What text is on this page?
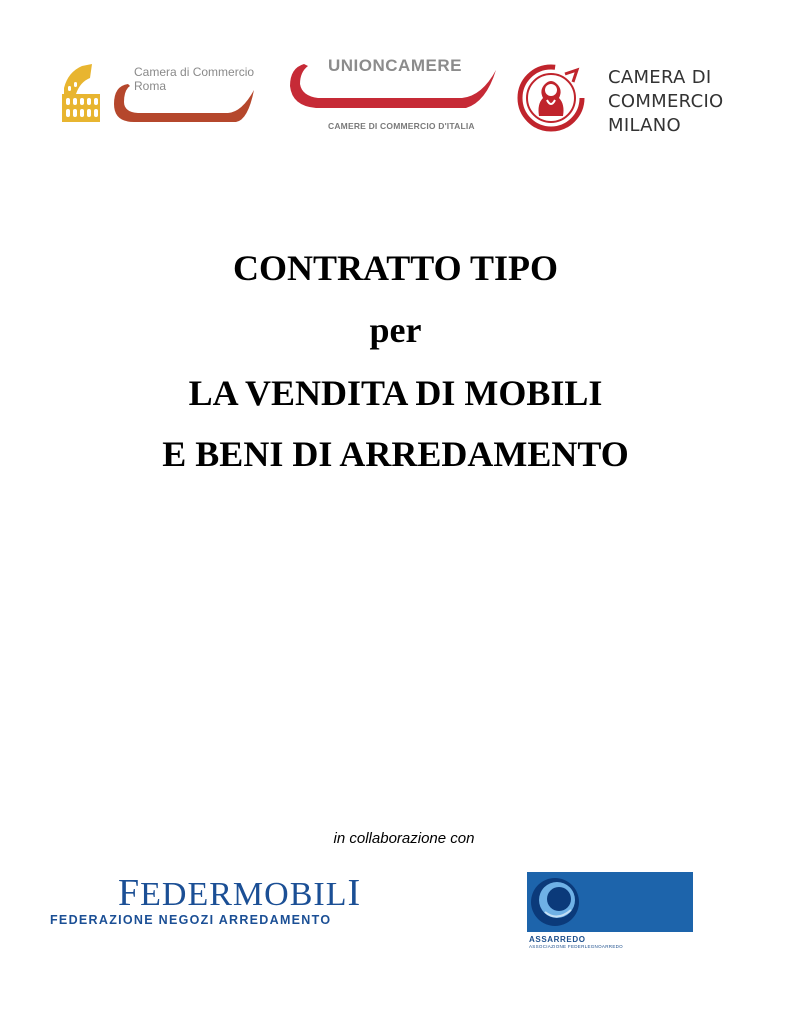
Camera di Commercio
Roma
UNIONCAMERE
CAMERE DI COMMERCIO D'ITALIA
CAMERA DI
COMMERCIO
MILANO
CONTRATTO TIPO
per
LA VENDITA DI MOBILI
E BENI DI ARREDAMENTO
in collaborazione con
FEDERMOBILI
FEDERAZIONE NEGOZI ARREDAMENTO
ASSARREDO
ASSOCIAZIONE FEDERLEGNOARREDO
